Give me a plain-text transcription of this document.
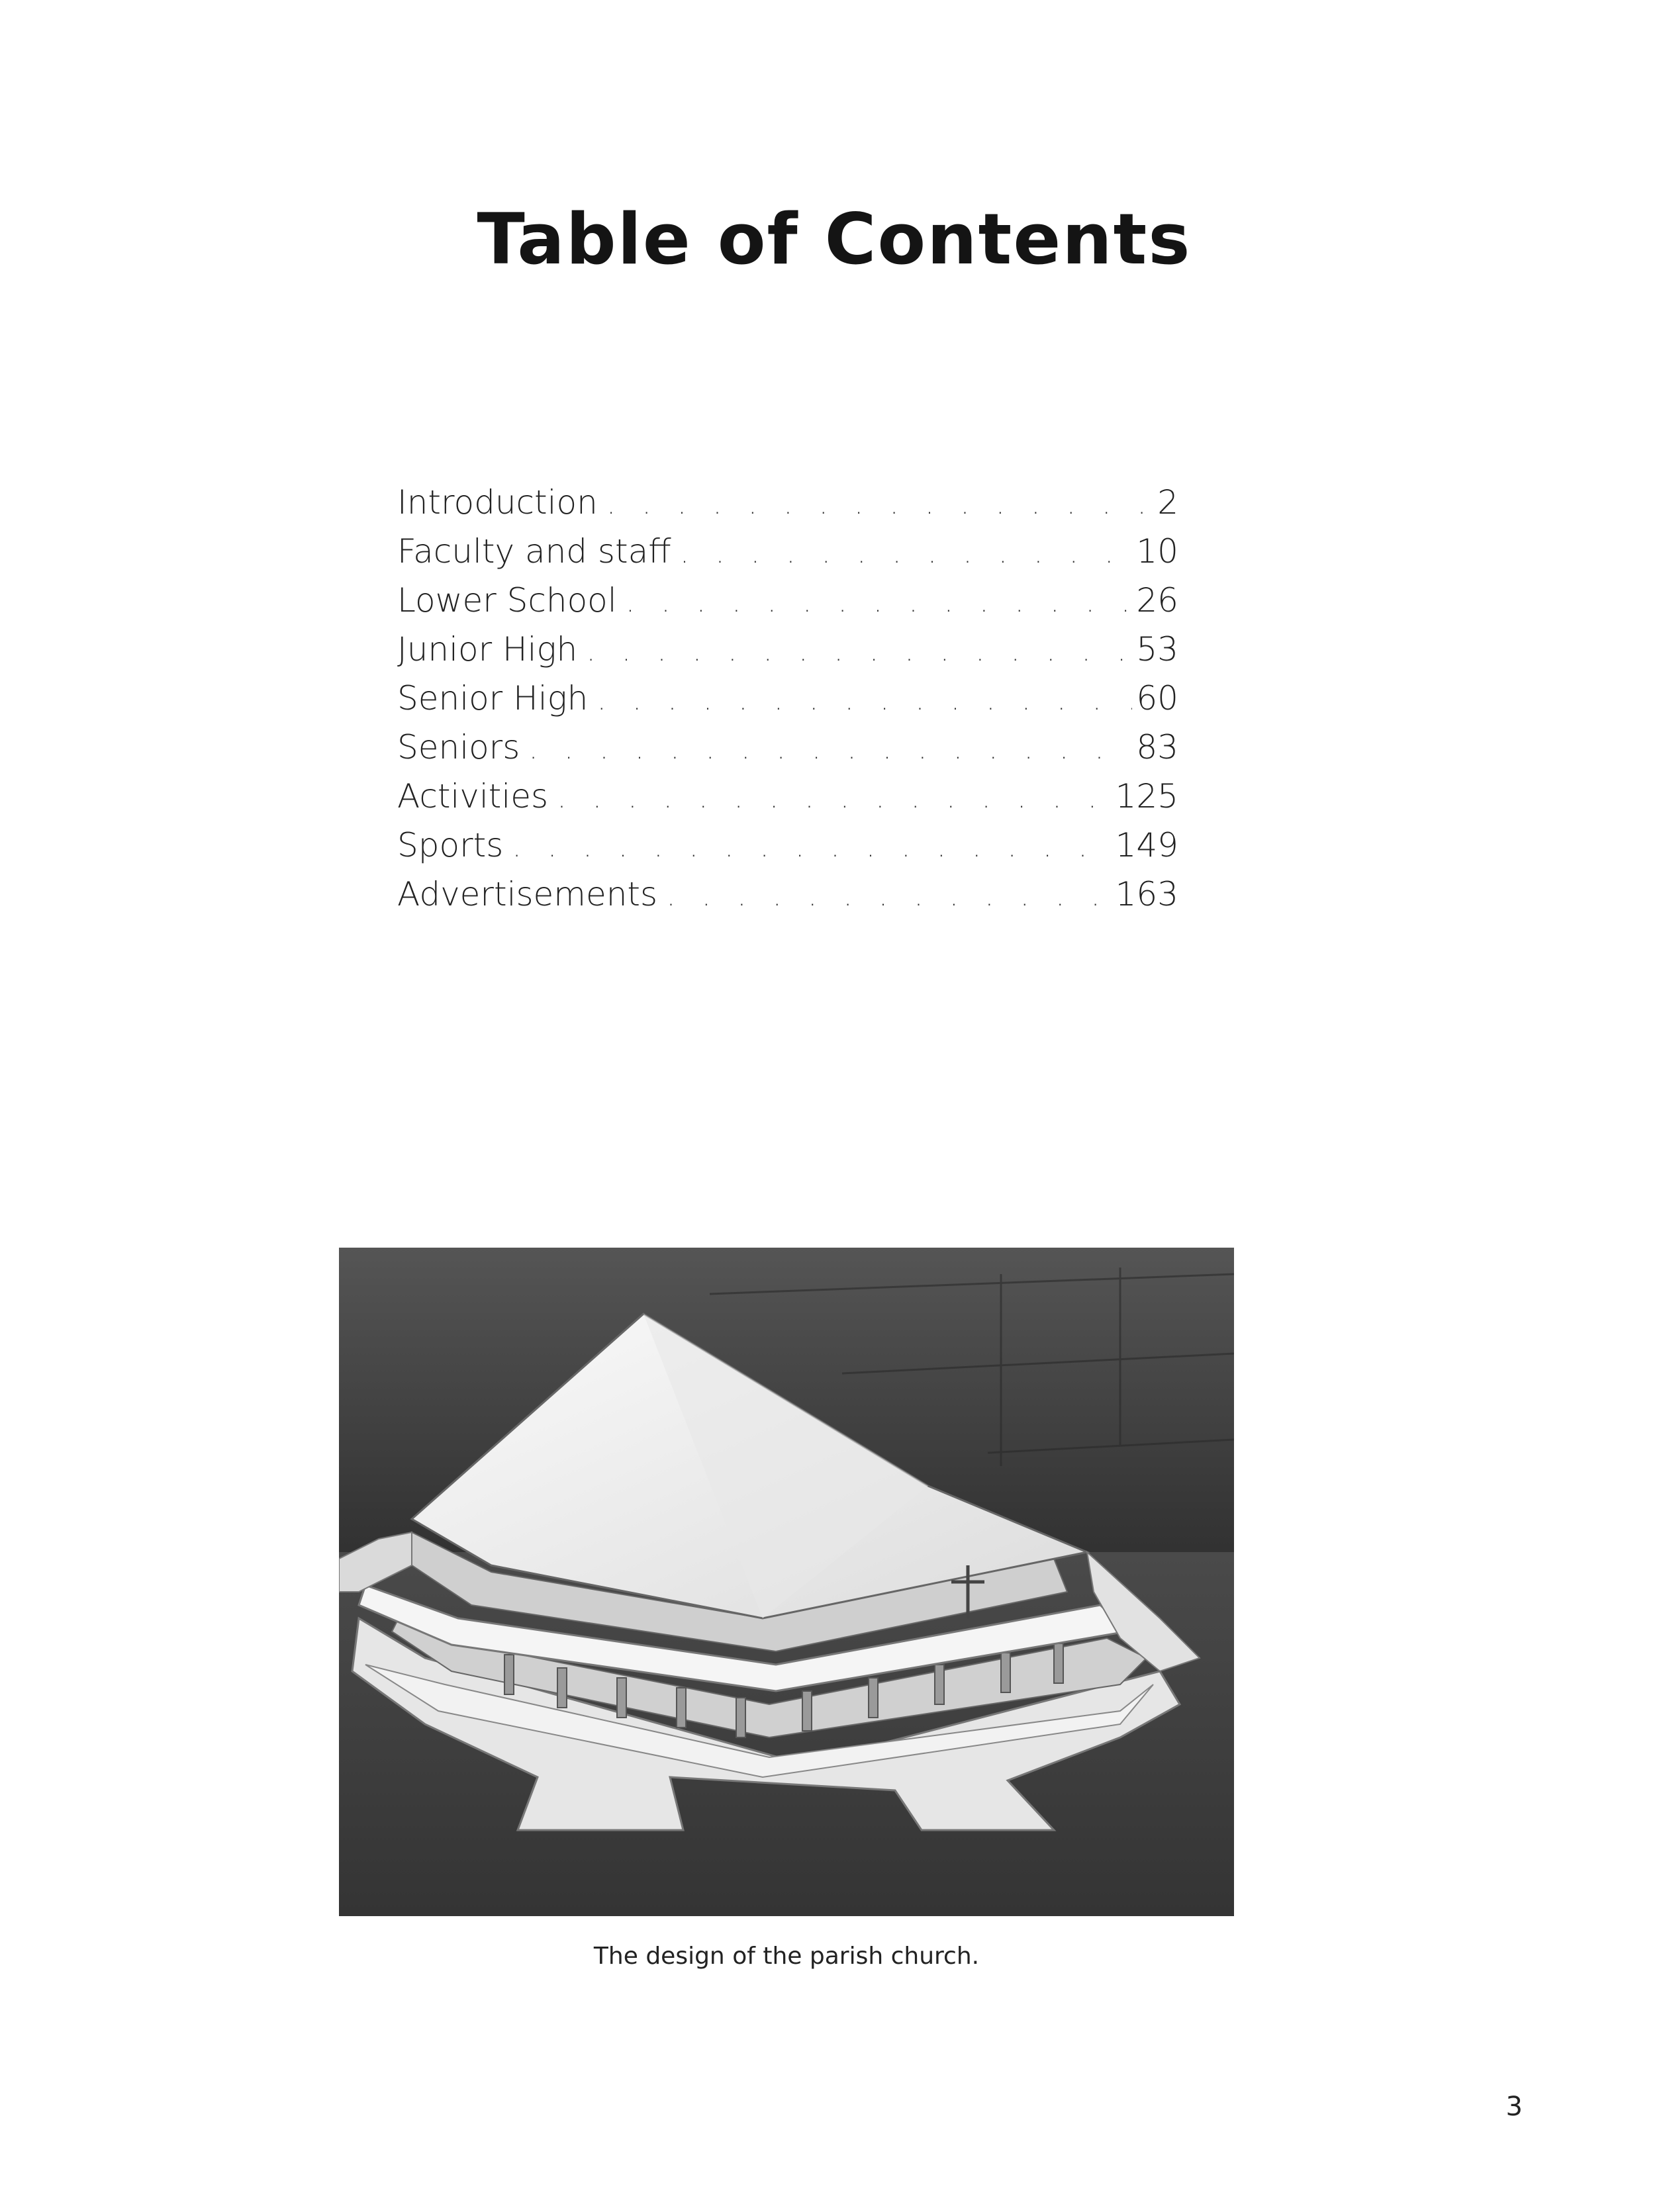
Table of Contents
Introduction . . .	2
Faculty and staff . . .	10
Lower School . . .	26
Junior High . . .	53
Senior High . . .	60
Seniors . . .	83
Activities . . .	125
Sports . . .	149
Advertisements . . .	163
The design of the parish church.
3
